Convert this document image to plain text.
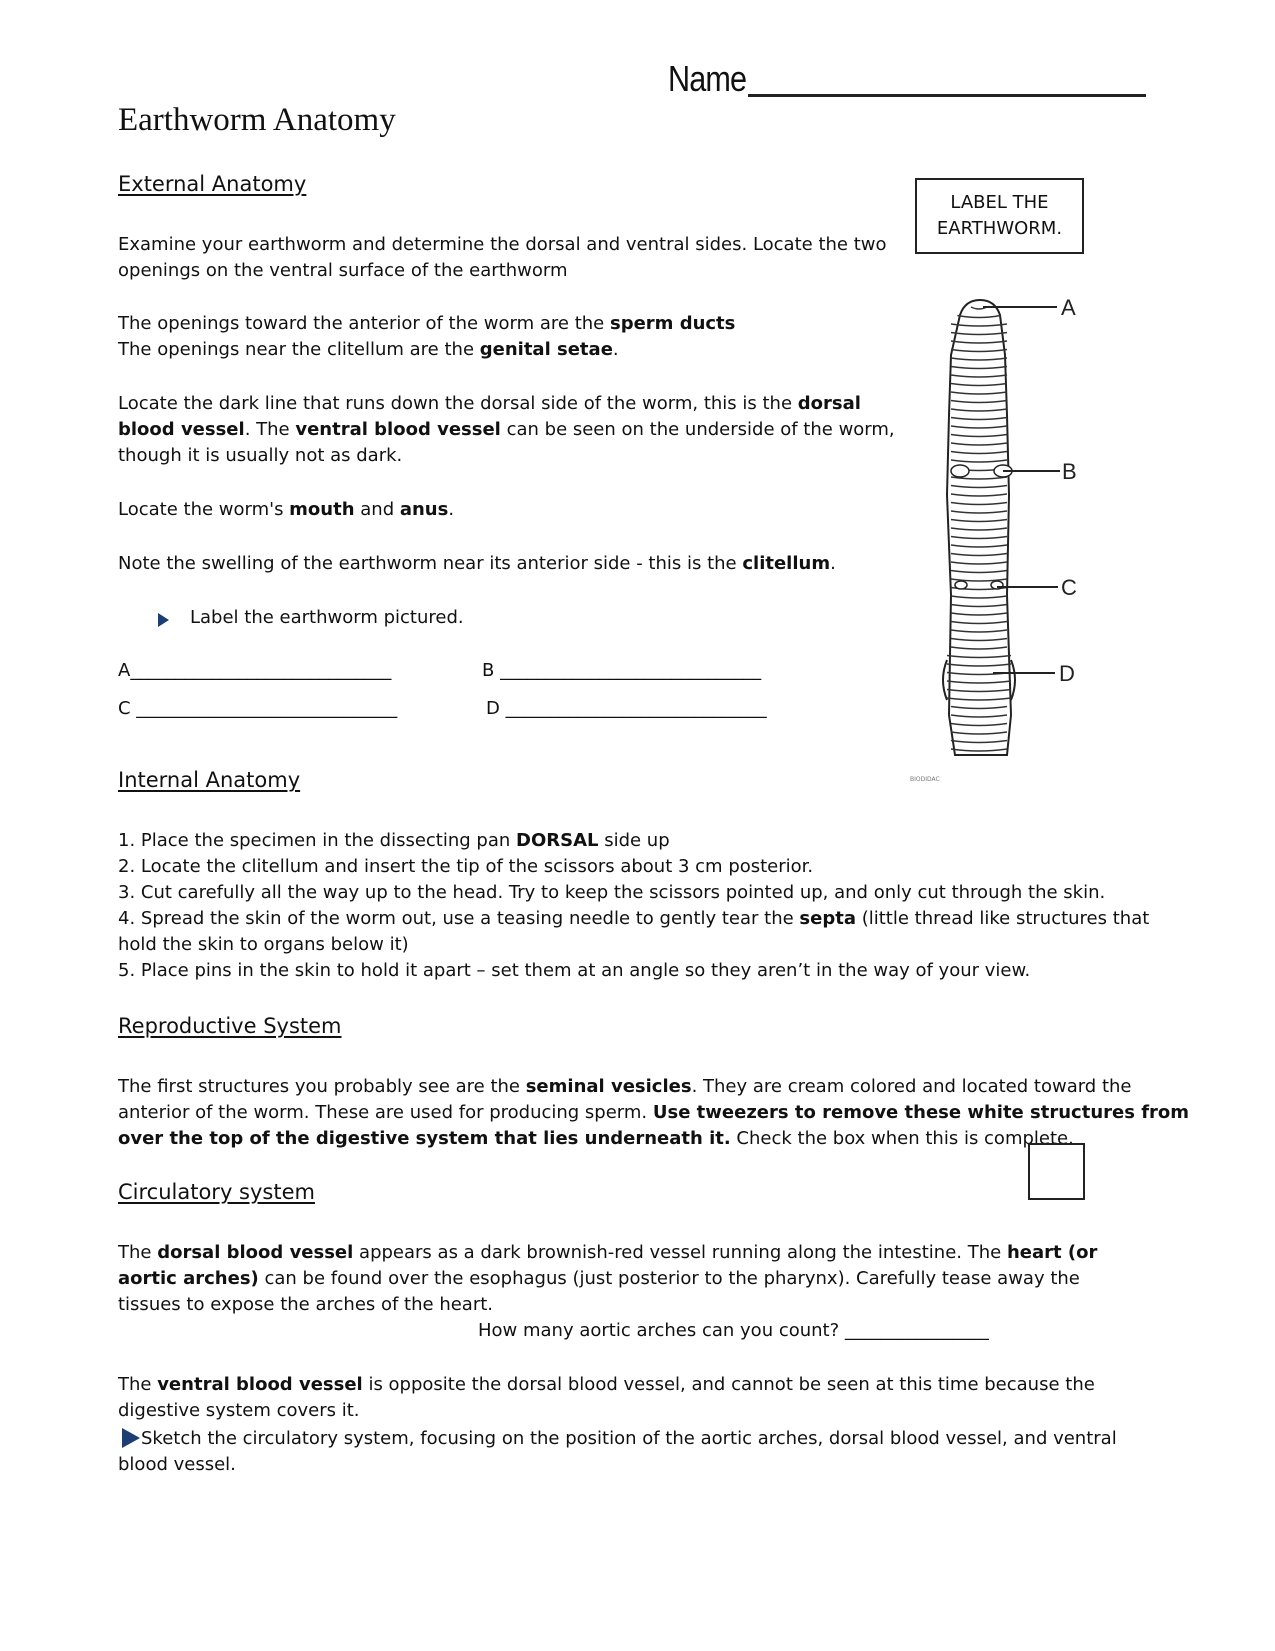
Name
Earthworm Anatomy
External Anatomy
LABEL THE
EARTHWORM.
Examine your earthworm and determine the dorsal and ventral sides. Locate the two
openings on the ventral surface of the earthworm
The openings toward the anterior of the worm are the sperm ducts
The openings near the clitellum are the genital setae.
Locate the dark line that runs down the dorsal side of the worm, this is the dorsal
blood vessel. The ventral blood vessel can be seen on the underside of the worm,
though it is usually not as dark.
Locate the worm's mouth and anus.
Note the swelling of the earthworm near its anterior side - this is the clitellum.
Label the earthworm pictured.
A_____________________________	B _____________________________
C _____________________________	D _____________________________
A
B
C
D
BIODIDAC
Internal Anatomy
1. Place the specimen in the dissecting pan DORSAL side up
2. Locate the clitellum and insert the tip of the scissors about 3 cm posterior.
3. Cut carefully all the way up to the head. Try to keep the scissors pointed up, and only cut through the skin.
4. Spread the skin of the worm out, use a teasing needle to gently tear the septa (little thread like structures that
hold the skin to organs below it)
5. Place pins in the skin to hold it apart – set them at an angle so they aren’t in the way of your view.
Reproductive System
The first structures you probably see are the seminal vesicles. They are cream colored and located toward the
anterior of the worm. These are used for producing sperm. Use tweezers to remove these white structures from
over the top of the digestive system that lies underneath it. Check the box when this is complete.
Circulatory system
The dorsal blood vessel appears as a dark brownish-red vessel running along the intestine. The heart (or
aortic arches) can be found over the esophagus (just posterior to the pharynx). Carefully tease away the
tissues to expose the arches of the heart.
How many aortic arches can you count? ________________
The ventral blood vessel is opposite the dorsal blood vessel, and cannot be seen at this time because the
digestive system covers it.
Sketch the circulatory system, focusing on the position of the aortic arches, dorsal blood vessel, and ventral
blood vessel.
